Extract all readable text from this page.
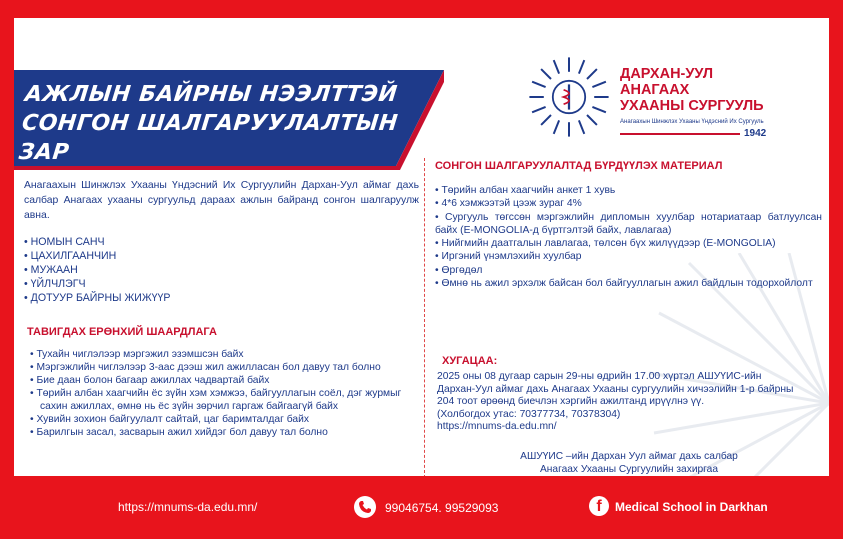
АЖЛЫН БАЙРНЫ НЭЭЛТТЭЙ
СОНГОН ШАЛГАРУУЛАЛТЫН ЗАР
ДАРХАН-УУЛ АНАГААХ
УХААНЫ СУРГУУЛЬ
Анагаахын Шинжлэх Ухааны Үндэсний Их Сургууль
1942

Анагаахын Шинжлэх Ухааны Үндэсний Их Сургуулийн Дархан-Уул аймаг дахь салбар Анагаах ухааны сургуульд дараах ажлын байранд сонгон шалгаруулж авна.

• НОМЫН САНЧ
• ЦАХИЛГААНЧИН
• МУЖААН
• ҮЙЛЧЛЭГЧ
• ДОТУУР БАЙРНЫ ЖИЖҮҮР
ТАВИГДАХ ЕРӨНХИЙ ШААРДЛАГА
• Тухайн чиглэлээр мэргэжил эзэмшсэн байх
• Мэргэжлийн чиглэлээр 3-аас дээш жил ажилласан бол давуу тал болно
• Бие даан болон багаар ажиллах чадвартай байх
• Төрийн албан хаагчийн ёс зүйн хэм хэмжээ, байгууллагын соёл, дэг журмыг сахин ажиллах, өмнө нь ёс зүйн зөрчил гаргаж байгаагүй байх
• Хувийн зохион байгуулалт сайтай, цаг баримталдаг байх
• Барилгын засал, засварын ажил хийдэг бол давуу тал болно
СОНГОН ШАЛГАРУУЛАЛТАД БҮРДҮҮЛЭХ МАТЕРИАЛ
• Төрийн албан хаагчийн анкет 1 хувь
• 4*6 хэмжээтэй цээж зураг 4%
• Сургууль төгссөн мэргэжлийн дипломын хуулбар нотариатаар батлуулсан байх (E-MONGOLIA-д бүртгэлтэй байх, лавлагаа)
• Нийгмийн даатгалын лавлагаа, төлсөн бүх жилүүдээр (E-MONGOLIA)
• Иргэний үнэмлэхийн хуулбар
• Өргөдөл
• Өмнө нь ажил эрхэлж байсан бол байгууллагын ажил байдлын тодорхойлолт
ХУГАЦАА:
2025 оны 08 дугаар сарын 29-ны өдрийн 17.00 хүртэл АШУҮИС-ийн
Дархан-Уул аймаг дахь Анагаах Ухааны сургуулийн хичээлийн 1-р байрны
204 тоот өрөөнд биечлэн хэргийн ажилтанд ирүүлнэ үү.
(Холбогдох утас: 70377734, 70378304)
https://mnums-da.edu.mn/
АШУҮИС –ийн Дархан Уул аймаг дахь салбар
Анагаах Ухааны Сургуулийн захиргаа
https://mnums-da.edu.mn/	99046754. 99529093	f	Medical School in Darkhan
